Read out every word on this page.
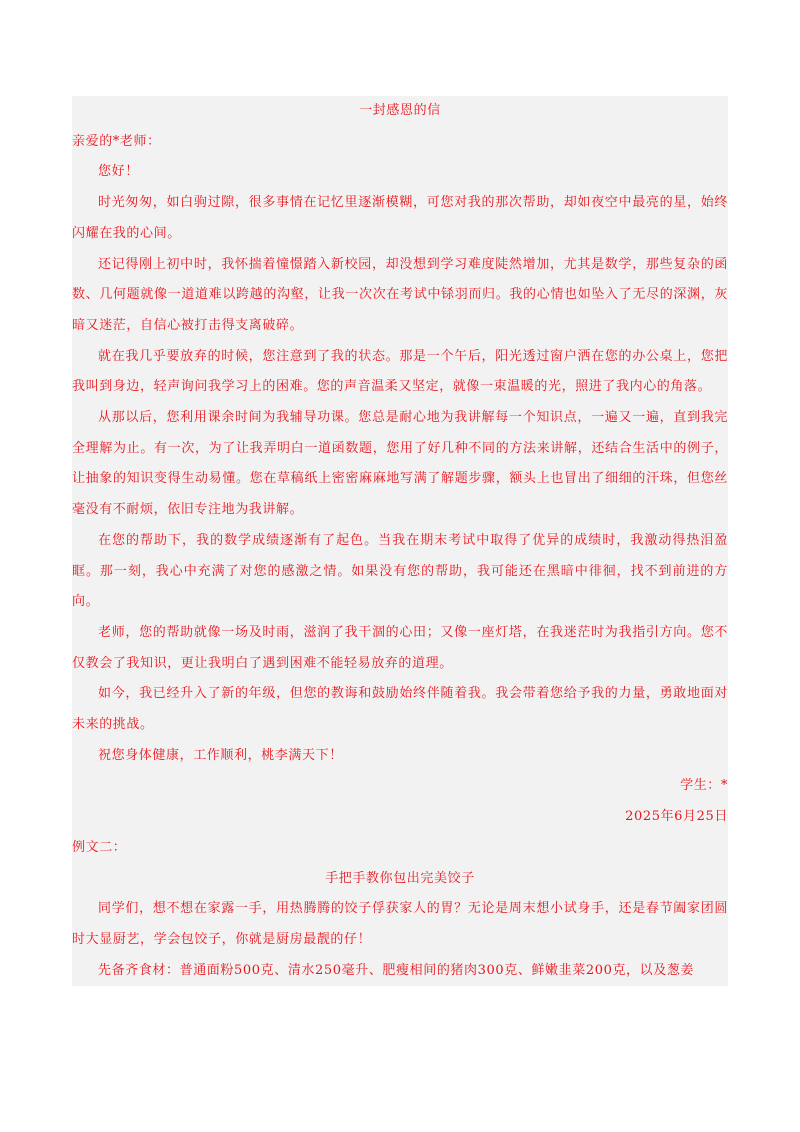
一封感恩的信
亲爱的*老师：

您好！

时光匆匆，如白驹过隙，很多事情在记忆里逐渐模糊，可您对我的那次帮助，却如夜空中最亮的星，始终闪耀在我的心间。

还记得刚上初中时，我怀揣着憧憬踏入新校园，却没想到学习难度陡然增加，尤其是数学，那些复杂的函数、几何题就像一道道难以跨越的沟壑，让我一次次在考试中铩羽而归。我的心情也如坠入了无尽的深渊，灰暗又迷茫，自信心被打击得支离破碎。

就在我几乎要放弃的时候，您注意到了我的状态。那是一个午后，阳光透过窗户洒在您的办公桌上，您把我叫到身边，轻声询问我学习上的困难。您的声音温柔又坚定，就像一束温暖的光，照进了我内心的角落。

从那以后，您利用课余时间为我辅导功课。您总是耐心地为我讲解每一个知识点，一遍又一遍，直到我完全理解为止。有一次，为了让我弄明白一道函数题，您用了好几种不同的方法来讲解，还结合生活中的例子，让抽象的知识变得生动易懂。您在草稿纸上密密麻麻地写满了解题步骤，额头上也冒出了细细的汗珠，但您丝毫没有不耐烦，依旧专注地为我讲解。

在您的帮助下，我的数学成绩逐渐有了起色。当我在期末考试中取得了优异的成绩时，我激动得热泪盈眶。那一刻，我心中充满了对您的感激之情。如果没有您的帮助，我可能还在黑暗中徘徊，找不到前进的方向。

老师，您的帮助就像一场及时雨，滋润了我干涸的心田；又像一座灯塔，在我迷茫时为我指引方向。您不仅教会了我知识，更让我明白了遇到困难不能轻易放弃的道理。

如今，我已经升入了新的年级，但您的教诲和鼓励始终伴随着我。我会带着您给予我的力量，勇敢地面对未来的挑战。

祝您身体健康，工作顺利，桃李满天下！

学生：*
2025年6月25日
例文二：
手把手教你包出完美饺子

同学们，想不想在家露一手，用热腾腾的饺子俘获家人的胃？无论是周末想小试身手，还是春节阖家团圆时大显厨艺，学会包饺子，你就是厨房最靓的仔！

先备齐食材：普通面粉500克、清水250毫升、肥瘦相间的猪肉300克、鲜嫩韭菜200克，以及葱姜
